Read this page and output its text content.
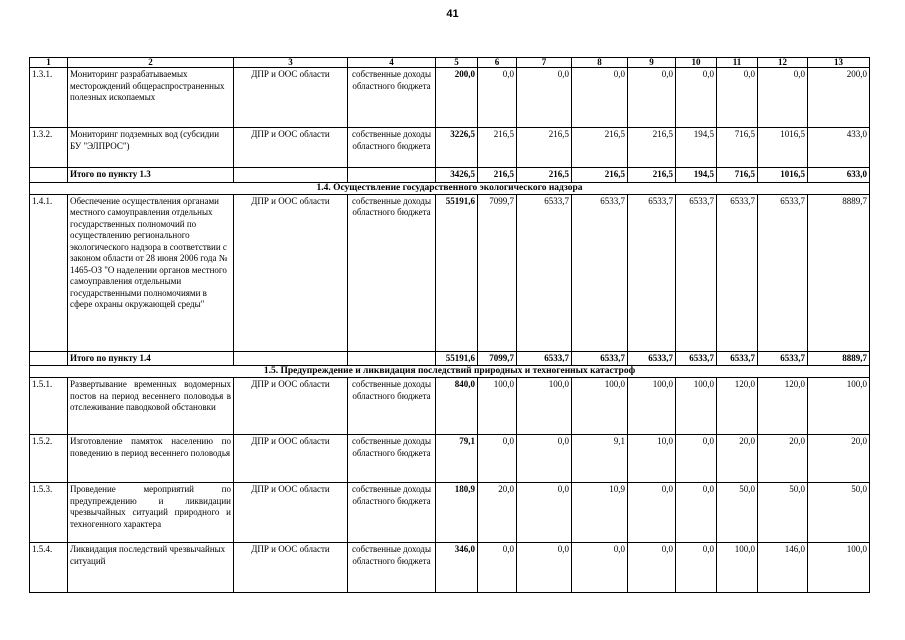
41
1	2	3	4	5	6	7	8	9	10	11	12	13
1.3.1.	Мониторинг разрабатываемых месторождений общераспространенных полезных ископаемых	ДПР и ООС области	собственные доходы областного бюджета	200,0	0,0	0,0	0,0	0,0	0,0	0,0	0,0	200,0
1.3.2.	Мониторинг подземных вод (субсидии БУ "ЭЛПРОС")	ДПР и ООС области	собственные доходы областного бюджета	3226,5	216,5	216,5	216,5	216,5	194,5	716,5	1016,5	433,0
	Итого по пункту 1.3			3426,5	216,5	216,5	216,5	216,5	194,5	716,5	1016,5	633,0
1.4. Осуществление государственного экологического надзора												
1.4.1.	Обеспечение осуществления органами местного самоуправления отдельных государственных полномочий по осуществлению регионального экологического надзора в соответствии с законом области от 28 июня 2006 года № 1465-ОЗ "О наделении органов местного самоуправления отдельными государственными полномочиями в сфере охраны окружающей среды"	ДПР и ООС области	собственные доходы областного бюджета	55191,6	7099,7	6533,7	6533,7	6533,7	6533,7	6533,7	6533,7	8889,7
	Итого по пункту 1.4			55191,6	7099,7	6533,7	6533,7	6533,7	6533,7	6533,7	6533,7	8889,7
1.5. Предупреждение и ликвидация последствий природных и техногенных катастроф												
1.5.1.	Развертывание временных водомерных постов на период весеннего половодья в отслеживание паводковой обстановки	ДПР и ООС области	собственные доходы областного бюджета	840,0	100,0	100,0	100,0	100,0	100,0	120,0	120,0	100,0
1.5.2.	Изготовление памяток населению по поведению в период весеннего половодья	ДПР и ООС области	собственные доходы областного бюджета	79,1	0,0	0,0	9,1	10,0	0,0	20,0	20,0	20,0
1.5.3.	Проведение мероприятий по предупреждению и ликвидации чрезвычайных ситуаций природного и техногенного характера	ДПР и ООС области	собственные доходы областного бюджета	180,9	20,0	0,0	10,9	0,0	0,0	50,0	50,0	50,0
1.5.4.	Ликвидация последствий чрезвычайных ситуаций	ДПР и ООС области	собственные доходы областного бюджета	346,0	0,0	0,0	0,0	0,0	0,0	100,0	146,0	100,0
